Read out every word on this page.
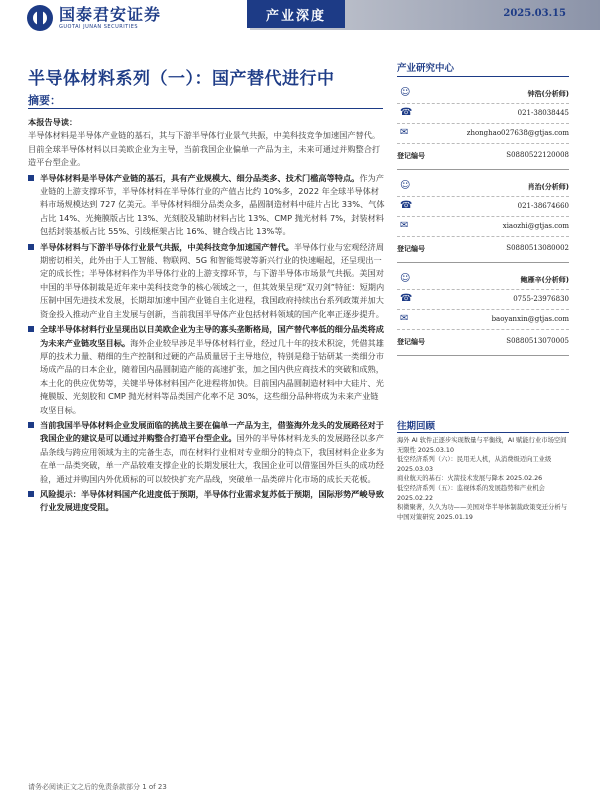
国泰君安证券
GUOTAI JUNAN SECURITIES
产业深度	2025.03.15
半导体材料系列（一）：国产替代进行中
摘要：
本报告导读：

半导体材料是半导体产业链的基石，其与下游半导体行业景气共振，中美科技竞争加速国产替代。目前全球半导体材料以日美欧企业为主导，当前我国企业偏单一产品为主，未来可通过并购整合打造平台型企业。

半导体材料是半导体产业链的基石，具有产业规模大、细分品类多、技术门槛高等特点。作为产业链的上游支撑环节，半导体材料在半导体行业的产值占比约 10%多，2022 年全球半导体材料市场规模达到 727 亿美元。半导体材料细分品类众多，晶圆制造材料中硅片占比 33%、气体占比 14%、光掩膜版占比 13%、光刻胶及辅助材料占比 13%、CMP 抛光材料 7%，封装材料包括封装基板占比 55%、引线框架占比 16%、键合线占比 13%等。
半导体材料与下游半导体行业景气共振，中美科技竞争加速国产替代。半导体行业与宏观经济周期密切相关，此外由于人工智能、物联网、5G 和智能驾驶等新兴行业的快速崛起，还呈现出一定的成长性；半导体材料作为半导体行业的上游支撑环节，与下游半导体市场景气共振。美国对中国的半导体制裁是近年来中美科技竞争的核心领域之一，但其效果呈现“双刃剑”特征：短期内压制中国先进技术发展，长期却加速中国产业链自主化进程，我国政府持续出台系列政策并加大资金投入推动产业自主发展与创新，当前我国半导体产业包括材料领域的国产化率正逐步提升。
全球半导体材料行业呈现出以日美欧企业为主导的寡头垄断格局，国产替代率低的细分品类将成为未来产业链攻坚目标。海外企业较早涉足半导体材料行业，经过几十年的技术积淀，凭借其雄厚的技术力量、精细的生产控制和过硬的产品质量居于主导地位，特别是稳于钴研某一类细分市场成产品的日本企业，随着国内晶圆制造产能的高速扩张，加之国内供应商技术的突破和成熟，本土化的供应优势等，关键半导体材料国产化进程将加快。目前国内晶圆制造材料中大硅片、光掩膜版、光刻胶和 CMP 抛光材料等品类国产化率不足 30%，这些细分品种将成为未来产业链攻坚目标。
当前我国半导体材料企业发展面临的挑战主要在偏单一产品为主，借鉴海外龙头的发展路径对于我国企业的建议是可以通过并购整合打造平台型企业。国外的半导体材料龙头的发展路径以多产品条线与跨应用领域为主的完备生态，而在材料行业相对专业细分的特点下，我国材料企业多为在单一品类突破，单一产品较难支撑企业的长期发展壮大，我国企业可以借鉴国外巨头的成功经验，通过并购国内外优质标的可以较快扩充产品线，突破单一品类碎片化市场的成长天花板。
风险提示：半导体材料国产化进度低于预期，半导体行业需求复苏低于预期，国际形势严峻导致行业发展进度受阻。
产业研究中心
☺	钟浩(分析师)
☎	021-38038445
✉	zhonghao027638@gtjas.com
登记编号	S0880522120008
☺	肖治(分析师)
☎	021-38674660
✉	xiaozhi@gtjas.com
登记编号	S0880513080002
☺	鲍雁辛(分析师)
☎	0755-23976830
✉	baoyanxin@gtjas.com
登记编号	S0880513070005
往期回顾
海外 AI 软件正逐步实现数量与平衡线，AI 赋能行业市场空间无限性 2025.03.10
低空经济系列（六）：民用无人机，从消费级迈向工业级 2025.03.03
商业航天的基石：火箭技术发展与降本 2025.02.26
低空经济系列（五）：监视体系的发展趋势和产业机会 2025.02.22
积微聚著，久久为功——美国对华半导体制裁政策变迁分析与中国对策研究 2025.01.19
请务必阅读正文之后的免责条款部分 1 of 23
